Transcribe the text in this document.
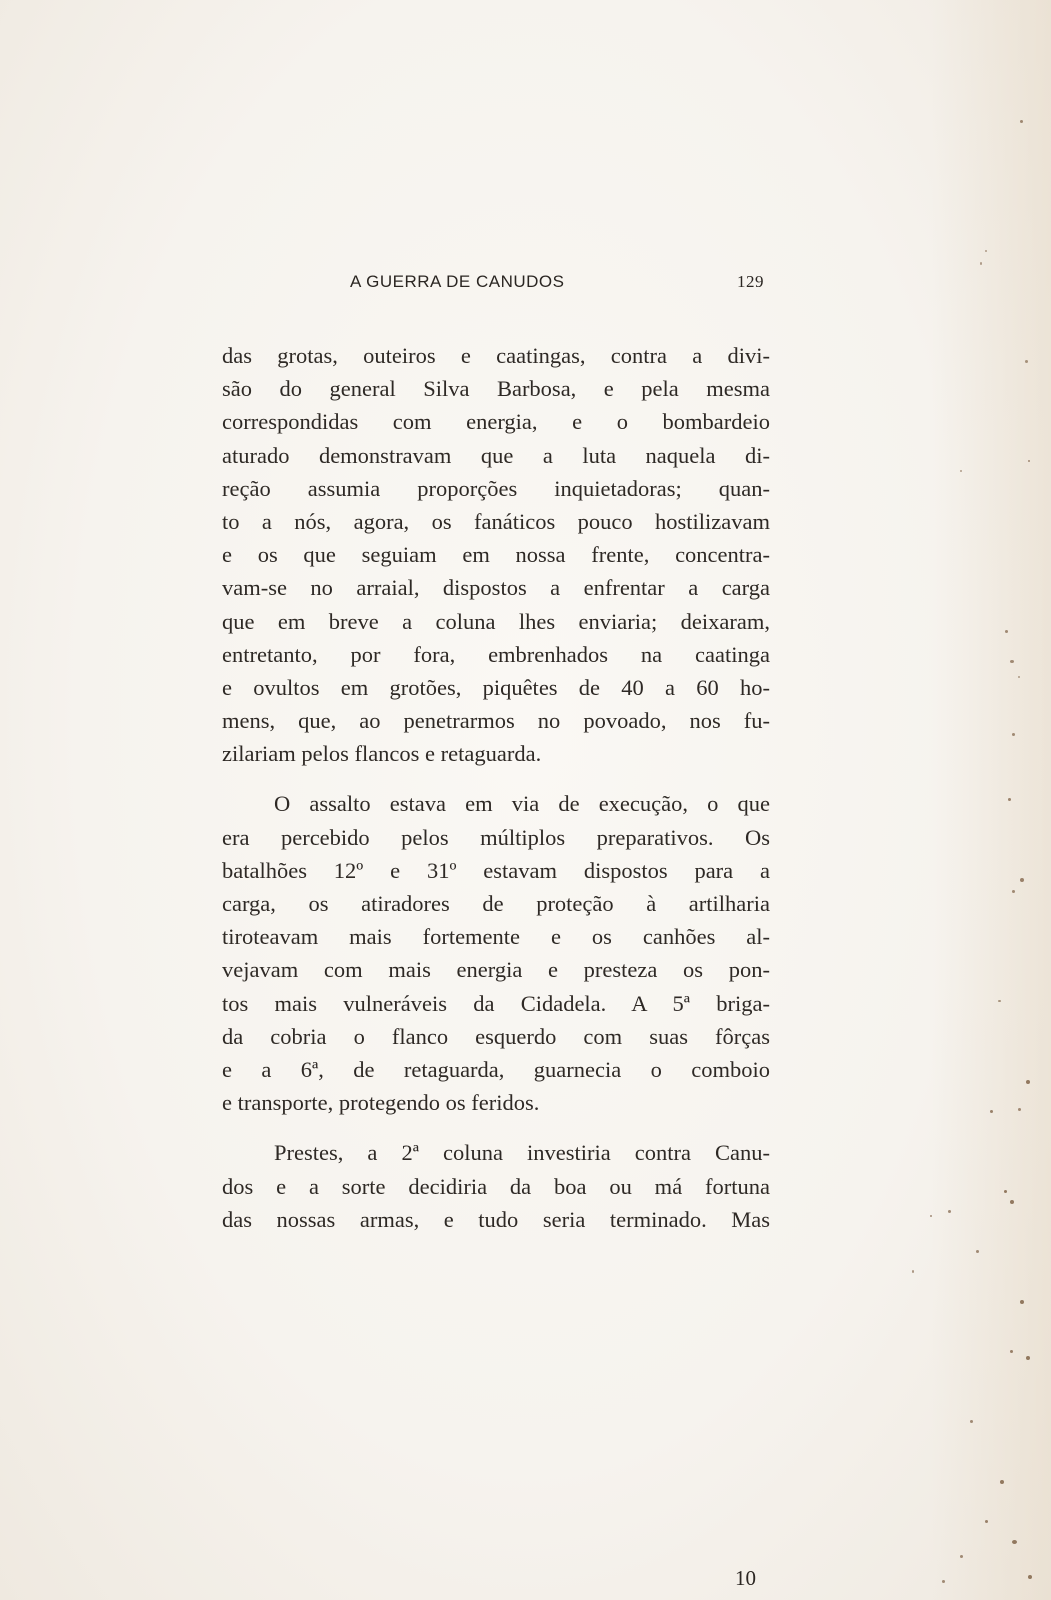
A GUERRA DE CANUDOS	129
das grotas, outeiros e caatingas, contra a divi-
são do general Silva Barbosa, e pela mesma
correspondidas com energia, e o bombardeio
aturado demonstravam que a luta naquela di-
reção assumia proporções inquietadoras; quan-
to a nós, agora, os fanáticos pouco hostilizavam
e os que seguiam em nossa frente, concentra-
vam-se no arraial, dispostos a enfrentar a carga
que em breve a coluna lhes enviaria; deixaram,
entretanto, por fora, embrenhados na caatinga
e ovultos em grotões, piquêtes de 40 a 60 ho-
mens, que, ao penetrarmos no povoado, nos fu-
zilariam pelos flancos e retaguarda.
O assalto estava em via de execução, o que
era percebido pelos múltiplos preparativos. Os
batalhões 12º e 31º estavam dispostos para a
carga, os atiradores de proteção à artilharia
tiroteavam mais fortemente e os canhões al-
vejavam com mais energia e presteza os pon-
tos mais vulneráveis da Cidadela. A 5ª briga-
da cobria o flanco esquerdo com suas fôrças
e a 6ª, de retaguarda, guarnecia o comboio
e transporte, protegendo os feridos.
Prestes, a 2ª coluna investiria contra Canu-
dos e a sorte decidiria da boa ou má fortuna
das nossas armas, e tudo seria terminado. Mas
10
